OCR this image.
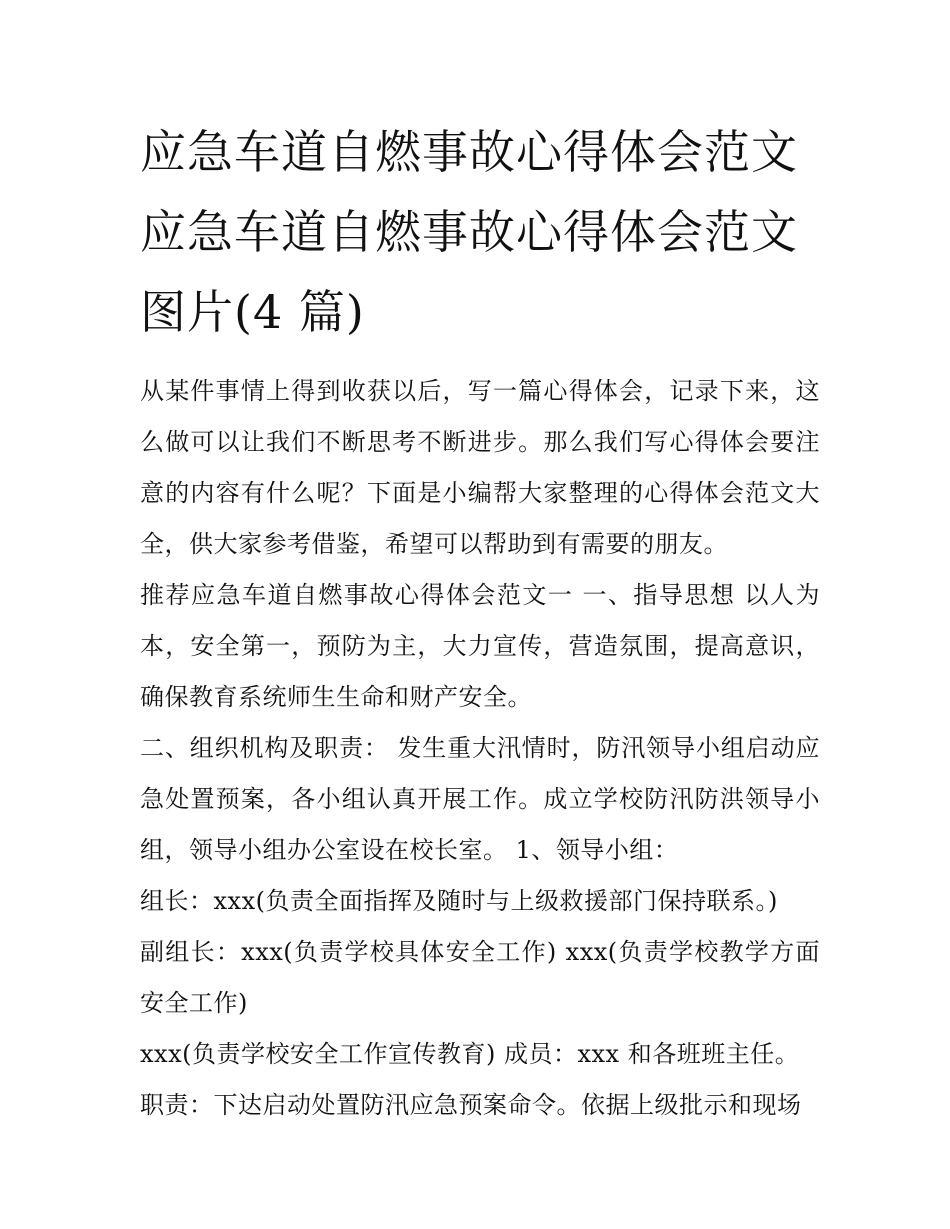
应急车道自燃事故心得体会范文 应急车道自燃事故心得体会范文图片(4 篇)

从某件事情上得到收获以后，写一篇心得体会，记录下来，这么做可以让我们不断思考不断进步。那么我们写心得体会要注意的内容有什么呢？下面是小编帮大家整理的心得体会范文大全，供大家参考借鉴，希望可以帮助到有需要的朋友。

推荐应急车道自燃事故心得体会范文一 一、指导思想 以人为本，安全第一，预防为主，大力宣传，营造氛围，提高意识，确保教育系统师生生命和财产安全。

二、组织机构及职责： 发生重大汛情时，防汛领导小组启动应急处置预案，各小组认真开展工作。成立学校防汛防洪领导小组，领导小组办公室设在校长室。 1、领导小组：

组长：xxx(负责全面指挥及随时与上级救援部门保持联系。)

副组长：xxx(负责学校具体安全工作) xxx(负责学校教学方面安全工作)

xxx(负责学校安全工作宣传教育) 成员：xxx 和各班班主任。

职责：下达启动处置防汛应急预案命令。依据上级批示和现场
